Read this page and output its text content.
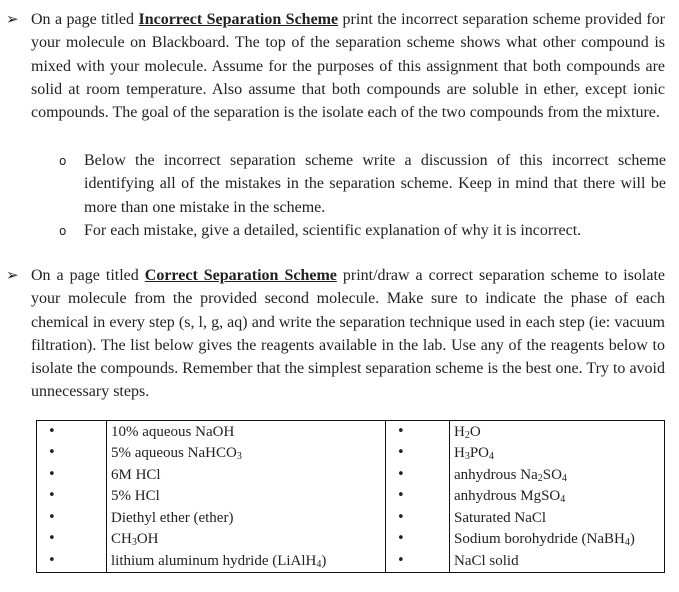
➢ On a page titled Incorrect Separation Scheme print the incorrect separation scheme provided for your molecule on Blackboard. The top of the separation scheme shows what other compound is mixed with your molecule. Assume for the purposes of this assignment that both compounds are solid at room temperature. Also assume that both compounds are soluble in ether, except ionic compounds. The goal of the separation is the isolate each of the two compounds from the mixture.
o Below the incorrect separation scheme write a discussion of this incorrect scheme identifying all of the mistakes in the separation scheme. Keep in mind that there will be more than one mistake in the scheme.
o For each mistake, give a detailed, scientific explanation of why it is incorrect.
➢ On a page titled Correct Separation Scheme print/draw a correct separation scheme to isolate your molecule from the provided second molecule. Make sure to indicate the phase of each chemical in every step (s, l, g, aq) and write the separation technique used in each step (ie: vacuum filtration). The list below gives the reagents available in the lab. Use any of the reagents below to isolate the compounds. Remember that the simplest separation scheme is the best one. Try to avoid unnecessary steps.
•	10% aqueous NaOH	•	$H_2O$
•	5% aqueous NaHCO$_3$	•	$H_3PO_4$
•	6M HCl	•	anhydrous $Na_2SO_4$
•	5% HCl	•	anhydrous MgSO$_4$
•	Diethyl ether (ether)	•	Saturated NaCl
•	$CH_3OH$	•	Sodium borohydride (NaBH$_4$)
•	lithium aluminum hydride (LiAlH$_4$)	•	NaCl solid
